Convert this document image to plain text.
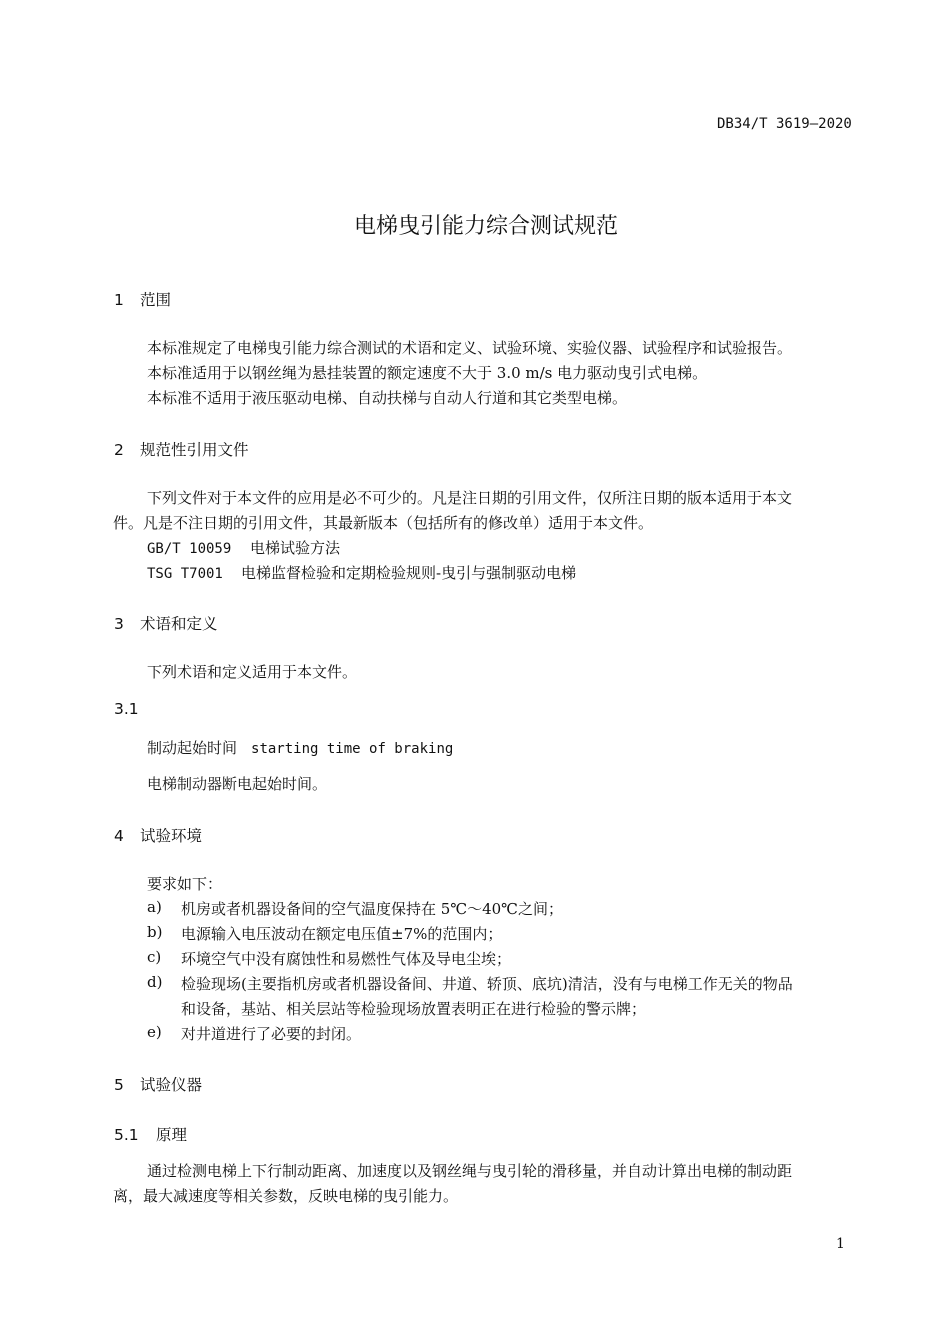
DB34/T 3619—2020
电梯曳引能力综合测试规范
1 范围
本标准规定了电梯曳引能力综合测试的术语和定义、试验环境、实验仪器、试验程序和试验报告。
本标准适用于以钢丝绳为悬挂装置的额定速度不大于 3.0 m/s 电力驱动曳引式电梯。
本标准不适用于液压驱动电梯、自动扶梯与自动人行道和其它类型电梯。
2 规范性引用文件
下列文件对于本文件的应用是必不可少的。凡是注日期的引用文件，仅所注日期的版本适用于本文
件。凡是不注日期的引用文件，其最新版本（包括所有的修改单）适用于本文件。
GB/T 10059 电梯试验方法
TSG T7001 电梯监督检验和定期检验规则-曳引与强制驱动电梯
3 术语和定义
下列术语和定义适用于本文件。
3.1
制动起始时间 starting time of braking
电梯制动器断电起始时间。
4 试验环境
要求如下：
a) 机房或者机器设备间的空气温度保持在 5℃～40℃之间；
b) 电源输入电压波动在额定电压值±7%的范围内；
c) 环境空气中没有腐蚀性和易燃性气体及导电尘埃；
d) 检验现场(主要指机房或者机器设备间、井道、轿顶、底坑)清洁，没有与电梯工作无关的物品
和设备，基站、相关层站等检验现场放置表明正在进行检验的警示牌；
e) 对井道进行了必要的封闭。
5 试验仪器
5.1 原理
通过检测电梯上下行制动距离、加速度以及钢丝绳与曳引轮的滑移量，并自动计算出电梯的制动距
离，最大减速度等相关参数，反映电梯的曳引能力。
1
